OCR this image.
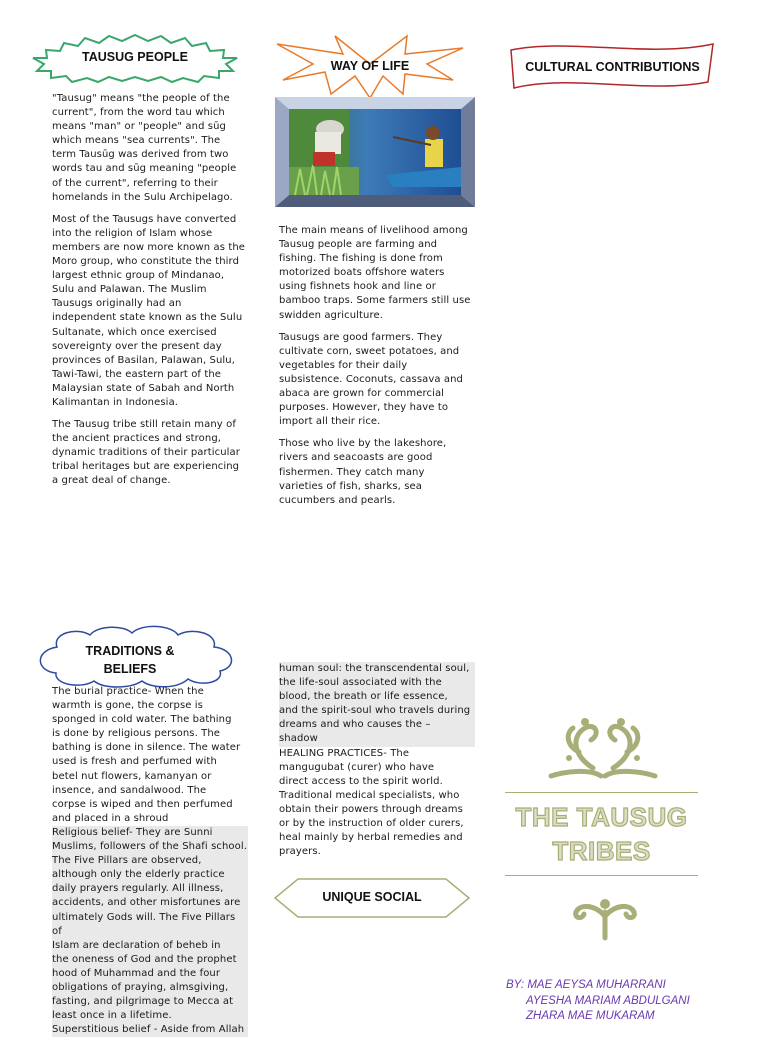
TAUSUG PEOPLE
WAY OF LIFE	CULTURAL CONTRIBUTIONS

"Tausug" means "the people of the current", from the word tau which means "man" or "people" and sūg which means "sea currents". The term Tausūg was derived from two words tau and sūg meaning "people of the current", referring to their homelands in the Sulu Archipelago.

Most of the Tausugs have converted into the religion of Islam whose members are now more known as the Moro group, who constitute the third largest ethnic group of Mindanao, Sulu and Palawan. The Muslim Tausugs originally had an independent state known as the Sulu Sultanate, which once exercised sovereignty over the present day provinces of Basilan, Palawan, Sulu, Tawi-Tawi, the eastern part of the Malaysian state of Sabah and North Kalimantan in Indonesia.

The Tausug tribe still retain many of the ancient practices and strong, dynamic traditions of their particular tribal heritages but are experiencing a great deal of change.

The main means of livelihood among Tausug people are farming and fishing. The fishing is done from motorized boats offshore waters using fishnets hook and line or bamboo traps. Some farmers still use swidden agriculture.

Tausugs are good farmers. They cultivate corn, sweet potatoes, and vegetables for their daily subsistence. Coconuts, cassava and abaca are grown for commercial purposes. However, they have to import all their rice.

Those who live by the lakeshore, rivers and seacoasts are good fishermen. They catch many varieties of fish, sharks, sea cucumbers and pearls.

TRADITIONS &
BELIEFS
The burial practice- When the
warmth is gone, the corpse is
sponged in cold water. The bathing
is done by religious persons. The
bathing is done in silence. The water
used is fresh and perfumed with
betel nut flowers, kamanyan or
insence, and sandalwood. The
corpse is wiped and then perfumed
and placed in a shroud
Religious belief- They are Sunni
Muslims, followers of the Shafi school.
The Five Pillars are observed,
although only the elderly practice
daily prayers regularly. All illness,
accidents, and other misfortunes are
ultimately Gods will. The Five Pillars of
Islam are declaration of beheb in
the oneness of God and the prophet
hood of Muhammad and the four
obligations of praying, almsgiving,
fasting, and pilgrimage to Mecca at
least once in a lifetime.
Superstitious belief - Aside from Allah
human soul: the transcendental soul,
the life-soul associated with the
blood, the breath or life essence,
and the spirit-soul who travels during
dreams and who causes the –
shadow
HEALING PRACTICES- The
mangugubat (curer) who have
direct access to the spirit world.
Traditional medical specialists, who
obtain their powers through dreams
or by the instruction of older curers,
heal mainly by herbal remedies and
prayers.
UNIQUE SOCIAL
THE TAUSUG
TRIBES
BY: MAE AEYSA MUHARRANI
AYESHA MARIAM ABDULGANI
ZHARA MAE MUKARAM
